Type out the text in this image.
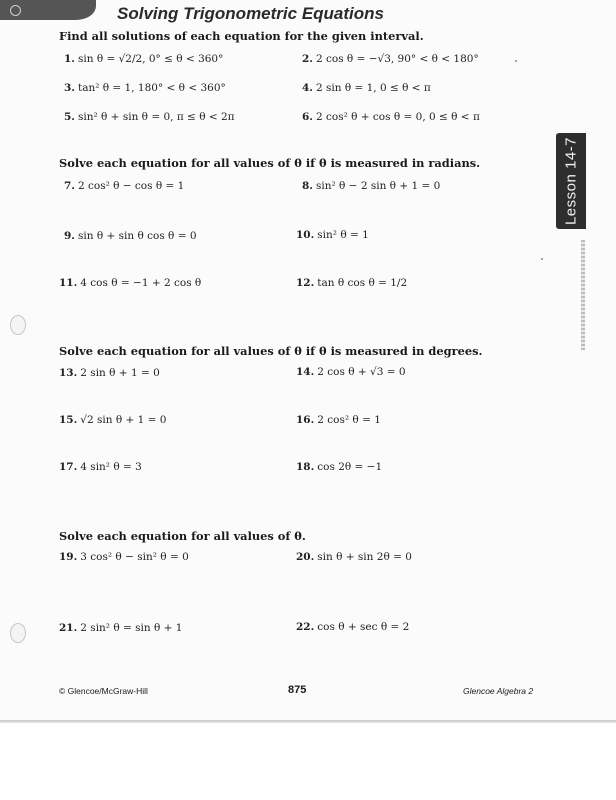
Solving Trigonometric Equations
Find all solutions of each equation for the given interval.
1. sin θ = √2/2, 0° ≤ θ < 360°	2. 2 cos θ = −√3, 90° < θ < 180°
3. tan² θ = 1, 180° < θ < 360°	4. 2 sin θ = 1, 0 ≤ θ < π
5. sin² θ + sin θ = 0, π ≤ θ < 2π	6. 2 cos² θ + cos θ = 0, 0 ≤ θ < π
Solve each equation for all values of θ if θ is measured in radians.
7. 2 cos² θ − cos θ = 1	8. sin² θ − 2 sin θ + 1 = 0
9. sin θ + sin θ cos θ = 0	10. sin² θ = 1
11. 4 cos θ = −1 + 2 cos θ	12. tan θ cos θ = 1/2
Solve each equation for all values of θ if θ is measured in degrees.
13. 2 sin θ + 1 = 0	14. 2 cos θ + √3 = 0
15. √2 sin θ + 1 = 0	16. 2 cos² θ = 1
17. 4 sin² θ = 3	18. cos 2θ = −1
Solve each equation for all values of θ.
19. 3 cos² θ − sin² θ = 0	20. sin θ + sin 2θ = 0
21. 2 sin² θ = sin θ + 1	22. cos θ + sec θ = 2
Lesson 14-7
© Glencoe/McGraw-Hill	875	Glencoe Algebra 2
